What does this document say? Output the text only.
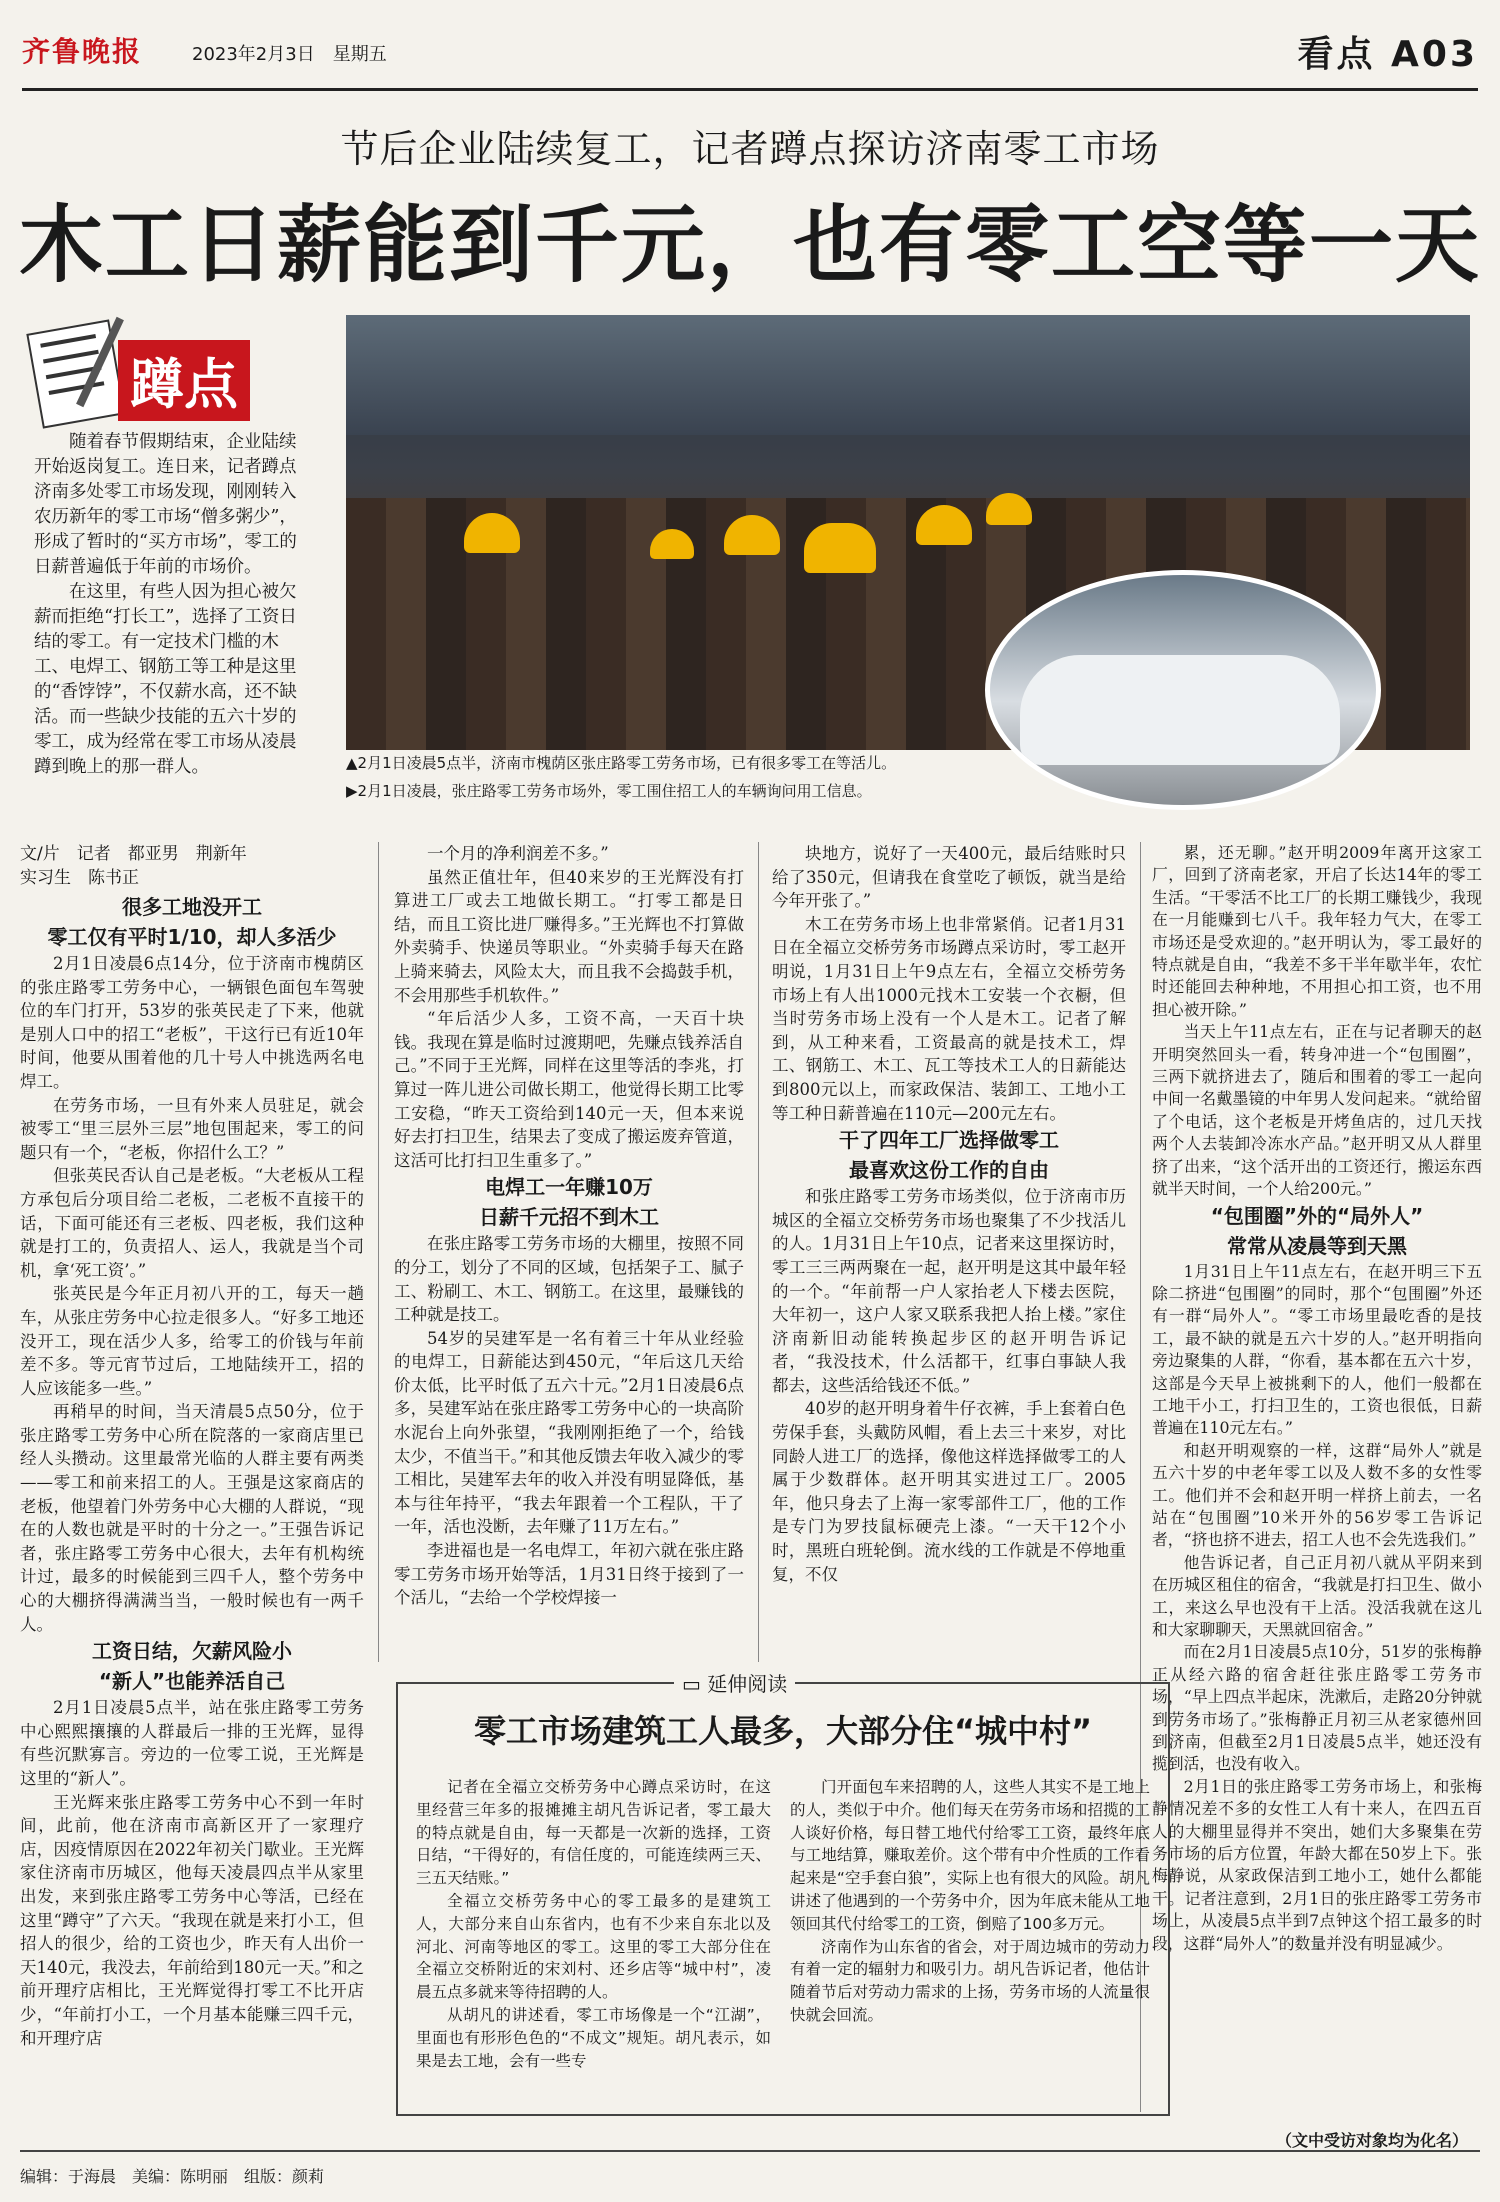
齐鲁晚报	2023年2月3日　星期五	看点 A03
节后企业陆续复工，记者蹲点探访济南零工市场
木工日薪能到千元，也有零工空等一天
蹲点

随着春节假期结束，企业陆续开始返岗复工。连日来，记者蹲点济南多处零工市场发现，刚刚转入农历新年的零工市场“僧多粥少”，形成了暂时的“买方市场”，零工的日薪普遍低于年前的市场价。

在这里，有些人因为担心被欠薪而拒绝“打长工”，选择了工资日结的零工。有一定技术门槛的木工、电焊工、钢筋工等工种是这里的“香饽饽”，不仅薪水高，还不缺活。而一些缺少技能的五六十岁的零工，成为经常在零工市场从凌晨蹲到晚上的那一群人。	▲2月1日凌晨5点半，济南市槐荫区张庄路零工劳务市场，已有很多零工在等活儿。
▶2月1日凌晨，张庄路零工劳务市场外，零工围住招工人的车辆询问用工信息。
文/片　记者　都亚男　荆新年
实习生　陈书正

很多工地没开工
零工仅有平时1/10，却人多活少

2月1日凌晨6点14分，位于济南市槐荫区的张庄路零工劳务中心，一辆银色面包车驾驶位的车门打开，53岁的张英民走了下来，他就是别人口中的招工“老板”，干这行已有近10年时间，他要从围着他的几十号人中挑选两名电焊工。

在劳务市场，一旦有外来人员驻足，就会被零工“里三层外三层”地包围起来，零工的问题只有一个，“老板，你招什么工？”

但张英民否认自己是老板。“大老板从工程方承包后分项目给二老板，二老板不直接干的话，下面可能还有三老板、四老板，我们这种就是打工的，负责招人、运人，我就是当个司机，拿‘死工资’。”

张英民是今年正月初八开的工，每天一趟车，从张庄劳务中心拉走很多人。“好多工地还没开工，现在活少人多，给零工的价钱与年前差不多。等元宵节过后，工地陆续开工，招的人应该能多一些。”

再稍早的时间，当天清晨5点50分，位于张庄路零工劳务中心所在院落的一家商店里已经人头攒动。这里最常光临的人群主要有两类——零工和前来招工的人。王强是这家商店的老板，他望着门外劳务中心大棚的人群说，“现在的人数也就是平时的十分之一。”王强告诉记者，张庄路零工劳务中心很大，去年有机构统计过，最多的时候能到三四千人，整个劳务中心的大棚挤得满满当当，一般时候也有一两千人。

工资日结，欠薪风险小
“新人”也能养活自己

2月1日凌晨5点半，站在张庄路零工劳务中心熙熙攘攘的人群最后一排的王光辉，显得有些沉默寡言。旁边的一位零工说，王光辉是这里的“新人”。

王光辉来张庄路零工劳务中心不到一年时间，此前，他在济南市高新区开了一家理疗店，因疫情原因在2022年初关门歇业。王光辉家住济南市历城区，他每天凌晨四点半从家里出发，来到张庄路零工劳务中心等活，已经在这里“蹲守”了六天。“我现在就是来打小工，但招人的很少，给的工资也少，昨天有人出价一天140元，我没去，年前给到180元一天。”和之前开理疗店相比，王光辉觉得打零工不比开店少，“年前打小工，一个月基本能赚三四千元，和开理疗店

一个月的净利润差不多。”

虽然正值壮年，但40来岁的王光辉没有打算进工厂或去工地做长期工。“打零工都是日结，而且工资比进厂赚得多。”王光辉也不打算做外卖骑手、快递员等职业。“外卖骑手每天在路上骑来骑去，风险太大，而且我不会捣鼓手机，不会用那些手机软件。”

“年后活少人多，工资不高，一天百十块钱。我现在算是临时过渡期吧，先赚点钱养活自己。”不同于王光辉，同样在这里等活的李兆，打算过一阵儿进公司做长期工，他觉得长期工比零工安稳，“昨天工资给到140元一天，但本来说好去打扫卫生，结果去了变成了搬运废弃管道，这活可比打扫卫生重多了。”

电焊工一年赚10万
日薪千元招不到木工

在张庄路零工劳务市场的大棚里，按照不同的分工，划分了不同的区域，包括架子工、腻子工、粉刷工、木工、钢筋工。在这里，最赚钱的工种就是技工。

54岁的吴建军是一名有着三十年从业经验的电焊工，日薪能达到450元，“年后这几天给价太低，比平时低了五六十元。”2月1日凌晨6点多，吴建军站在张庄路零工劳务中心的一块高阶水泥台上向外张望，“我刚刚拒绝了一个，给钱太少，不值当干。”和其他反馈去年收入减少的零工相比，吴建军去年的收入并没有明显降低，基本与往年持平，“我去年跟着一个工程队，干了一年，活也没断，去年赚了11万左右。”

李进福也是一名电焊工，年初六就在张庄路零工劳务市场开始等活，1月31日终于接到了一个活儿，“去给一个学校焊接一

块地方，说好了一天400元，最后结账时只给了350元，但请我在食堂吃了顿饭，就当是给今年开张了。”

木工在劳务市场上也非常紧俏。记者1月31日在全福立交桥劳务市场蹲点采访时，零工赵开明说，1月31日上午9点左右，全福立交桥劳务市场上有人出1000元找木工安装一个衣橱，但当时劳务市场上没有一个人是木工。记者了解到，从工种来看，工资最高的就是技术工，焊工、钢筋工、木工、瓦工等技术工人的日薪能达到800元以上，而家政保洁、装卸工、工地小工等工种日薪普遍在110元—200元左右。

干了四年工厂选择做零工
最喜欢这份工作的自由

和张庄路零工劳务市场类似，位于济南市历城区的全福立交桥劳务市场也聚集了不少找活儿的人。1月31日上午10点，记者来这里探访时，零工三三两两聚在一起，赵开明是这其中最年轻的一个。“年前帮一户人家抬老人下楼去医院，大年初一，这户人家又联系我把人抬上楼。”家住济南新旧动能转换起步区的赵开明告诉记者，“我没技术，什么活都干，红事白事缺人我都去，这些活给钱还不低。”

40岁的赵开明身着牛仔衣裤，手上套着白色劳保手套，头戴防风帽，看上去三十来岁，对比同龄人进工厂的选择，像他这样选择做零工的人属于少数群体。赵开明其实进过工厂。2005年，他只身去了上海一家零部件工厂，他的工作是专门为罗技鼠标硬壳上漆。“一天干12个小时，黑班白班轮倒。流水线的工作就是不停地重复，不仅

累，还无聊。”赵开明2009年离开这家工厂，回到了济南老家，开启了长达14年的零工生活。“干零活不比工厂的长期工赚钱少，我现在一月能赚到七八千。我年轻力气大，在零工市场还是受欢迎的。”赵开明认为，零工最好的特点就是自由，“我差不多干半年歇半年，农忙时还能回去种种地，不用担心扣工资，也不用担心被开除。”

当天上午11点左右，正在与记者聊天的赵开明突然回头一看，转身冲进一个“包围圈”，三两下就挤进去了，随后和围着的零工一起向中间一名戴墨镜的中年男人发问起来。“就给留了个电话，这个老板是开烤鱼店的，过几天找两个人去装卸冷冻水产品。”赵开明又从人群里挤了出来，“这个活开出的工资还行，搬运东西就半天时间，一个人给200元。”

“包围圈”外的“局外人”
常常从凌晨等到天黑

1月31日上午11点左右，在赵开明三下五除二挤进“包围圈”的同时，那个“包围圈”外还有一群“局外人”。“零工市场里最吃香的是技工，最不缺的就是五六十岁的人。”赵开明指向旁边聚集的人群，“你看，基本都在五六十岁，这部是今天早上被挑剩下的人，他们一般都在工地干小工，打扫卫生的，工资也很低，日薪普遍在110元左右。”

和赵开明观察的一样，这群“局外人”就是五六十岁的中老年零工以及人数不多的女性零工。他们并不会和赵开明一样挤上前去，一名站在“包围圈”10米开外的56岁零工告诉记者，“挤也挤不进去，招工人也不会先选我们。”

他告诉记者，自己正月初八就从平阴来到在历城区租住的宿舍，“我就是打扫卫生、做小工，来这么早也没有干上活。没活我就在这儿和大家聊聊天，天黑就回宿舍。”

而在2月1日凌晨5点10分，51岁的张梅静正从经六路的宿舍赶往张庄路零工劳务市场，“早上四点半起床，洗漱后，走路20分钟就到劳务市场了。”张梅静正月初三从老家德州回到济南，但截至2月1日凌晨5点半，她还没有揽到活，也没有收入。

2月1日的张庄路零工劳务市场上，和张梅静情况差不多的女性工人有十来人，在四五百人的大棚里显得并不突出，她们大多聚集在劳务市场的后方位置，年龄大都在50岁上下。张梅静说，从家政保洁到工地小工，她什么都能干。记者注意到，2月1日的张庄路零工劳务市场上，从凌晨5点半到7点钟这个招工最多的时段，这群“局外人”的数量并没有明显减少。

（文中受访对象均为化名）
▭ 延伸阅读
零工市场建筑工人最多，大部分住“城中村”

记者在全福立交桥劳务中心蹲点采访时，在这里经营三年多的报摊摊主胡凡告诉记者，零工最大的特点就是自由，每一天都是一次新的选择，工资日结，“干得好的，有信任度的，可能连续两三天、三五天结账。”

全福立交桥劳务中心的零工最多的是建筑工人，大部分来自山东省内，也有不少来自东北以及河北、河南等地区的零工。这里的零工大部分住在全福立交桥附近的宋刘村、还乡店等“城中村”，凌晨五点多就来等待招聘的人。

从胡凡的讲述看，零工市场像是一个“江湖”，里面也有形形色色的“不成文”规矩。胡凡表示，如果是去工地，会有一些专

门开面包车来招聘的人，这些人其实不是工地上的人，类似于中介。他们每天在劳务市场和招揽的工人谈好价格，每日替工地代付给零工工资，最终年底与工地结算，赚取差价。这个带有中介性质的工作看起来是“空手套白狼”，实际上也有很大的风险。胡凡讲述了他遇到的一个劳务中介，因为年底未能从工地领回其代付给零工的工资，倒赔了100多万元。

济南作为山东省的省会，对于周边城市的劳动力有着一定的辐射力和吸引力。胡凡告诉记者，他估计随着节后对劳动力需求的上扬，劳务市场的人流量很快就会回流。

编辑：于海晨　美编：陈明丽　组版：颜莉
